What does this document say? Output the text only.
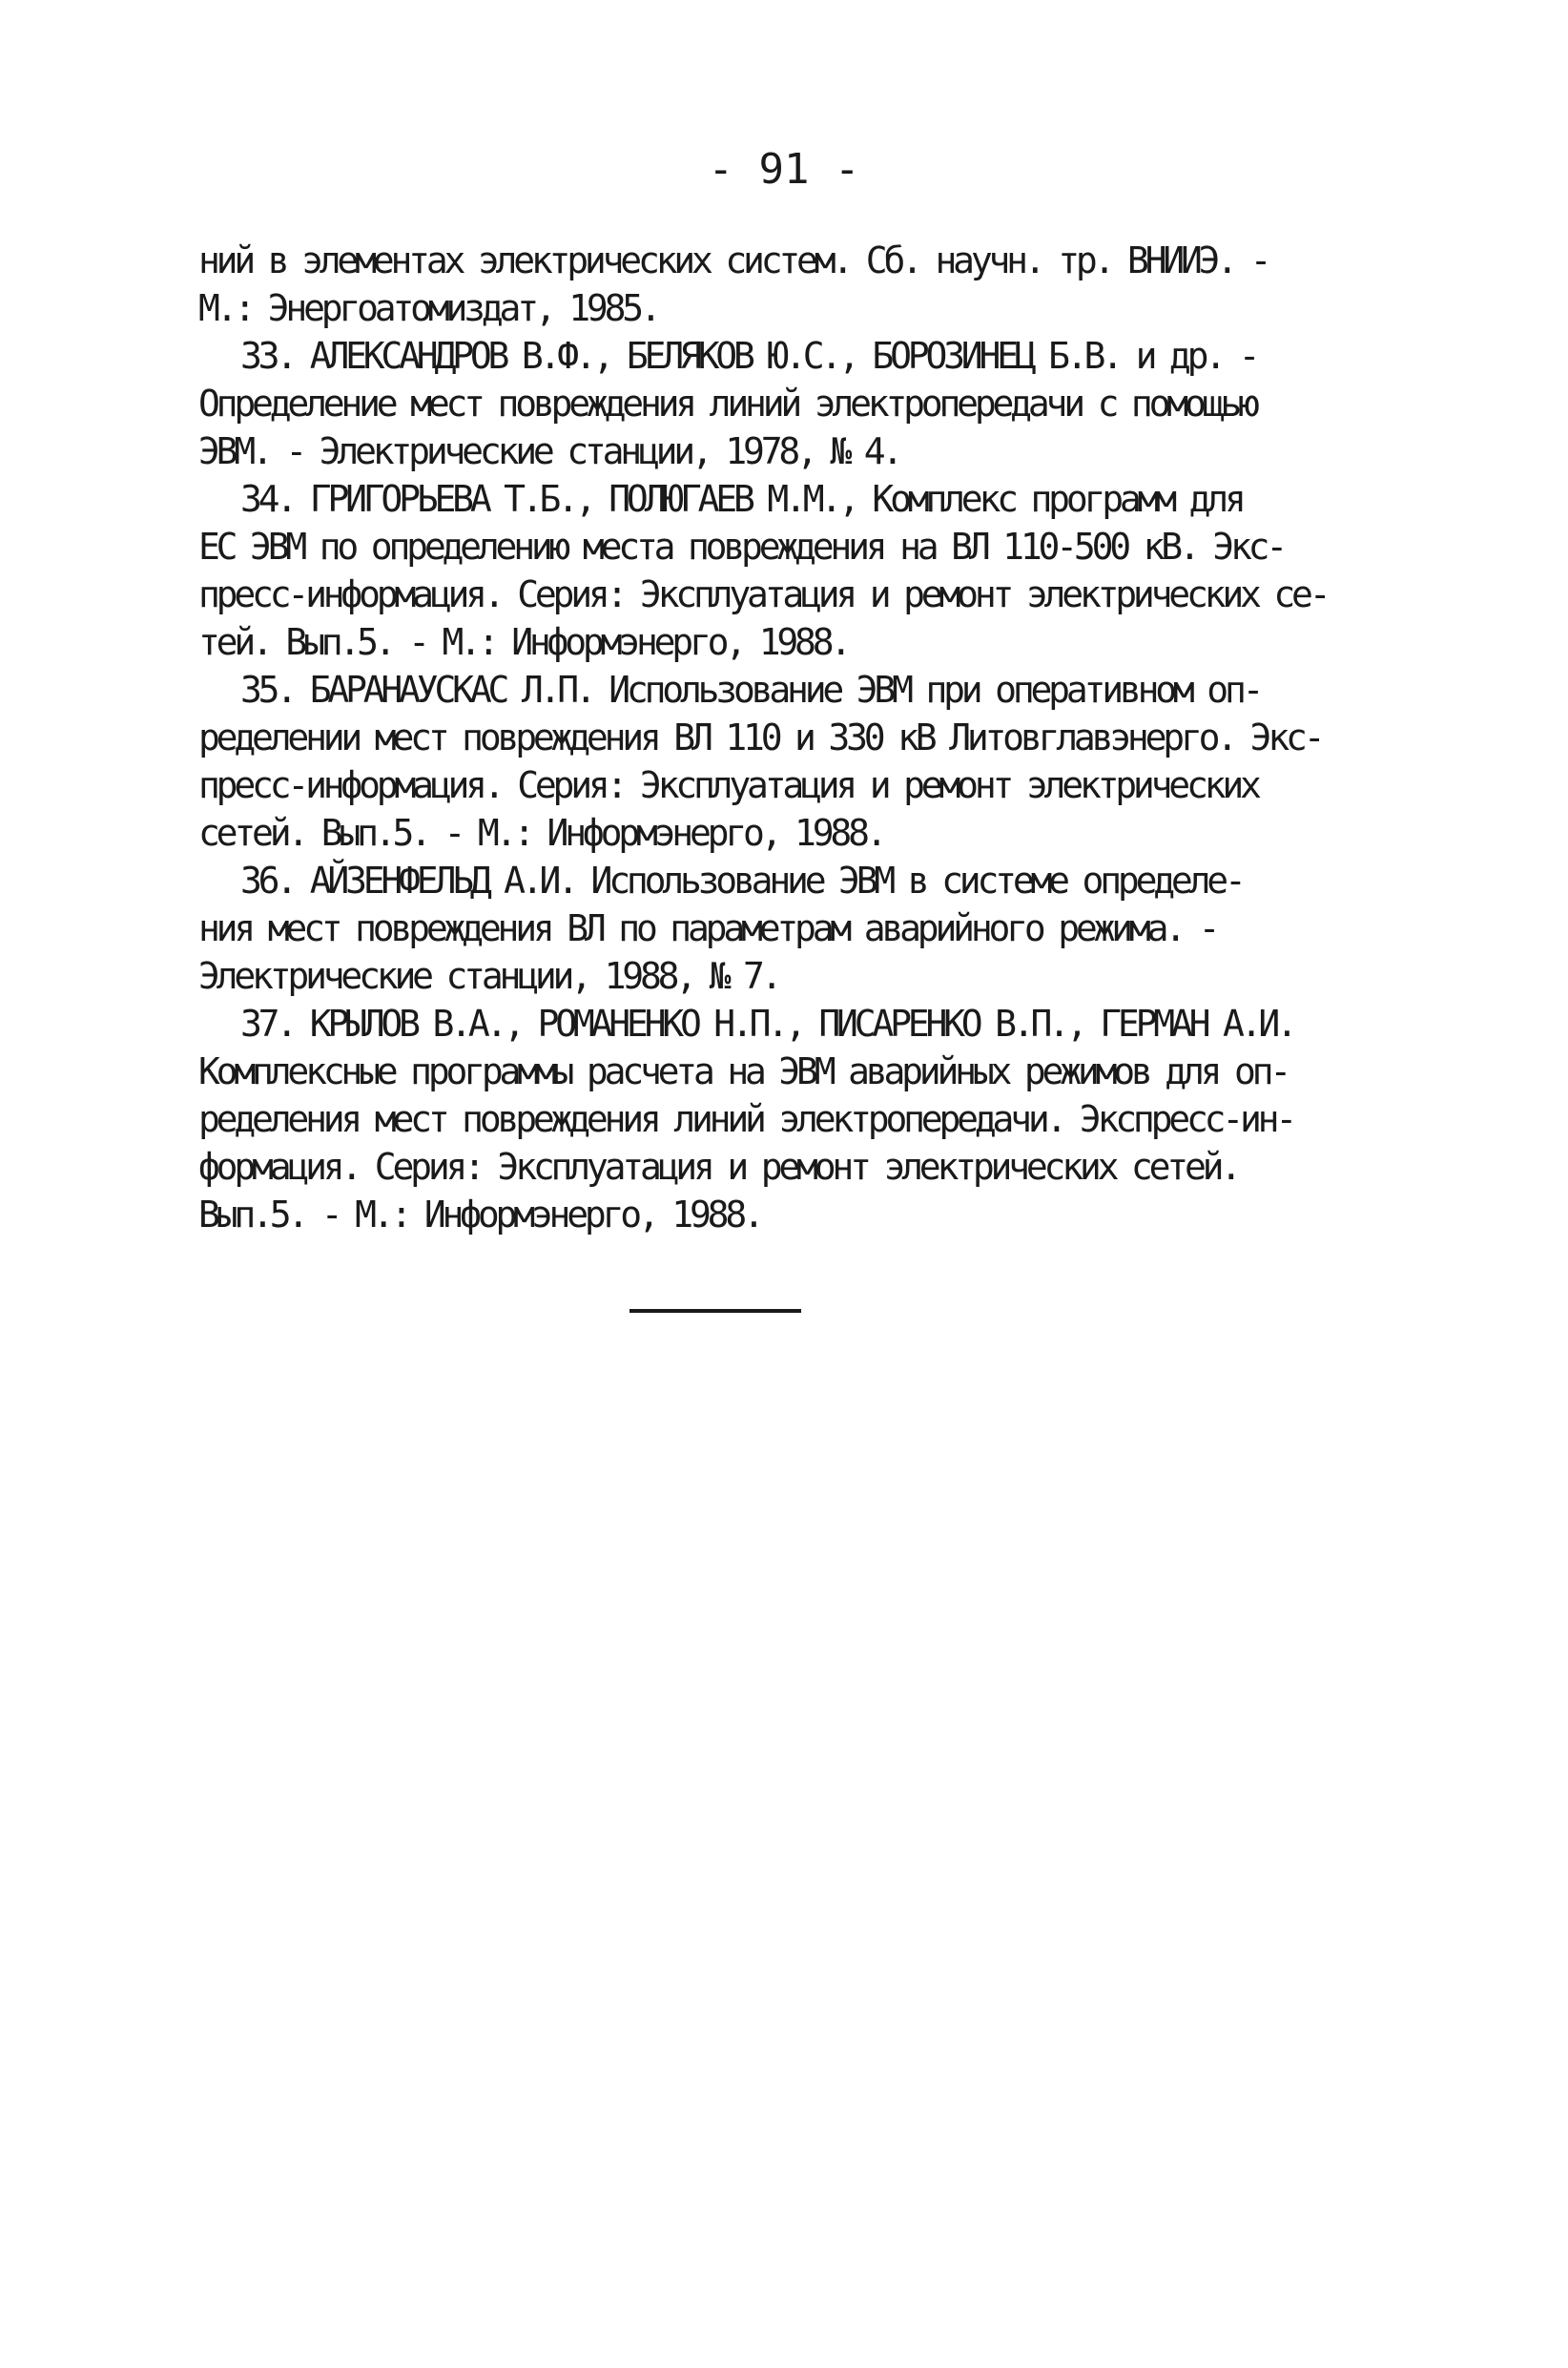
- 91 -
ний в элементах электрических систем. Сб. научн. тр. ВНИИЭ. -
М.: Энергоатомиздат, 1985.
33. АЛЕКСАНДРОВ В.Ф., БЕЛЯКОВ Ю.С., БОРОЗИНЕЦ Б.В. и др. -
Определение мест повреждения линий электропередачи с помощью
ЭВМ. - Электрические станции, 1978, № 4.
34. ГРИГОРЬЕВА Т.Б., ПОЛЮГАЕВ М.М., Комплекс программ для
ЕС ЭВМ по определению места повреждения на ВЛ 110-500 кВ. Экс-
пресс-информация. Серия: Эксплуатация и ремонт электрических се-
тей. Вып.5. - М.: Информэнерго, 1988.
35. БАРАНАУСКАС Л.П. Использование ЭВМ при оперативном оп-
ределении мест повреждения ВЛ 110 и 330 кВ Литовглавэнерго. Экс-
пресс-информация. Серия: Эксплуатация и ремонт электрических
сетей. Вып.5. - М.: Информэнерго, 1988.
36. АЙЗЕНФЕЛЬД А.И. Использование ЭВМ в системе определе-
ния мест повреждения ВЛ по параметрам аварийного режима. -
Электрические станции, 1988, № 7.
37. КРЫЛОВ В.А., РОМАНЕНКО Н.П., ПИСАРЕНКО В.П., ГЕРМАН А.И.
Комплексные программы расчета на ЭВМ аварийных режимов для оп-
ределения мест повреждения линий электропередачи. Экспресс-ин-
формация. Серия: Эксплуатация и ремонт электрических сетей.
Вып.5. - М.: Информэнерго, 1988.
